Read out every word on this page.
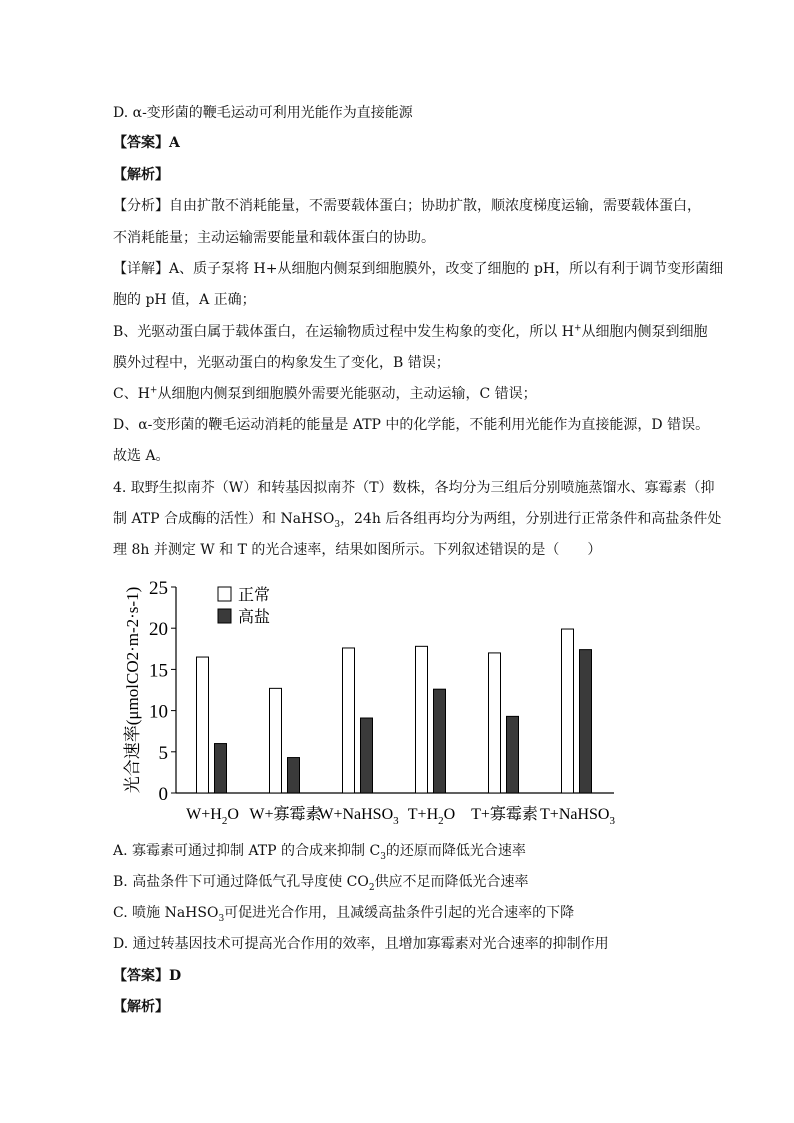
D. α-变形菌的鞭毛运动可利用光能作为直接能源
【答案】A
【解析】
【分析】自由扩散不消耗能量，不需要载体蛋白；协助扩散，顺浓度梯度运输，需要载体蛋白，
不消耗能量；主动运输需要能量和载体蛋白的协助。
【详解】A、质子泵将 H+从细胞内侧泵到细胞膜外，改变了细胞的 pH，所以有利于调节变形菌细
胞的 pH 值，A 正确；
B、光驱动蛋白属于载体蛋白，在运输物质过程中发生构象的变化，所以 H+从细胞内侧泵到细胞
膜外过程中，光驱动蛋白的构象发生了变化，B 错误；
C、H+从细胞内侧泵到细胞膜外需要光能驱动，主动运输，C 错误；
D、α-变形菌的鞭毛运动消耗的能量是 ATP 中的化学能，不能利用光能作为直接能源，D 错误。
故选 A。
4. 取野生拟南芥（W）和转基因拟南芥（T）数株，各均分为三组后分别喷施蒸馏水、寡霉素（抑
制 ATP 合成酶的活性）和 NaHSO$_3$，24h 后各组再均分为两组，分别进行正常条件和高盐条件处
理 8h 并测定 W 和 T 的光合速率，结果如图所示。下列叙述错误的是（　　）
0
5
10
15
20
25
光合速率(μmolCO2·m-2·s-1)
$W+H_2O$ W+寡霉素
W+NaHSO$_3$ $T+H_2O$ T+寡霉素 T+NaHSO$_3$
正常
高盐
A. 寡霉素可通过抑制 ATP 的合成来抑制 $C_3$的还原而降低光合速率
B. 高盐条件下可通过降低气孔导度使 $CO_2$供应不足而降低光合速率
C. 喷施 NaHSO$_3$可促进光合作用，且减缓高盐条件引起的光合速率的下降
D. 通过转基因技术可提高光合作用的效率，且增加寡霉素对光合速率的抑制作用
【答案】D
【解析】
